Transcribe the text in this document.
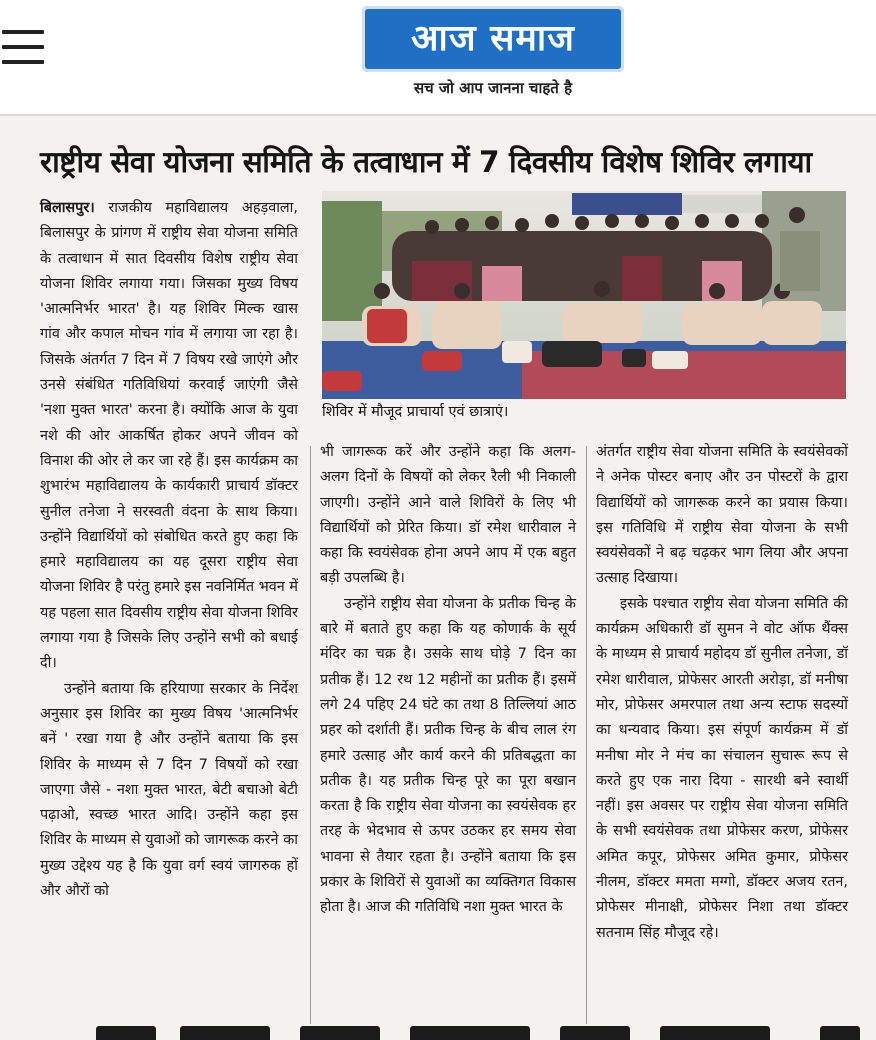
आज समाज
सच जो आप जानना चाहते है
राष्ट्रीय सेवा योजना समिति के तत्वाधान में 7 दिवसीय विशेष शिविर लगाया

बिलासपुर। राजकीय महाविद्यालय अहड़वाला, बिलासपुर के प्रांगण में राष्ट्रीय सेवा योजना समिति के तत्वाधान में सात दिवसीय विशेष राष्ट्रीय सेवा योजना शिविर लगाया गया। जिसका मुख्य विषय 'आत्मनिर्भर भारत' है। यह शिविर मिल्क खास गांव और कपाल मोचन गांव में लगाया जा रहा है। जिसके अंतर्गत 7 दिन में 7 विषय रखे जाएंगे और उनसे संबंधित गतिविधियां करवाई जाएंगी जैसे 'नशा मुक्त भारत' करना है। क्योंकि आज के युवा नशे की ओर आकर्षित होकर अपने जीवन को विनाश की ओर ले कर जा रहे हैं। इस कार्यक्रम का शुभारंभ महाविद्यालय के कार्यकारी प्राचार्य डॉक्टर सुनील तनेजा ने सरस्वती वंदना के साथ किया। उन्होंने विद्यार्थियों को संबोधित करते हुए कहा कि हमारे महाविद्यालय का यह दूसरा राष्ट्रीय सेवा योजना शिविर है परंतु हमारे इस नवनिर्मित भवन में यह पहला सात दिवसीय राष्ट्रीय सेवा योजना शिविर लगाया गया है जिसके लिए उन्होंने सभी को बधाई दी।

उन्होंने बताया कि हरियाणा सरकार के निर्देश अनुसार इस शिविर का मुख्य विषय 'आत्मनिर्भर बनें ' रखा गया है और उन्होंने बताया कि इस शिविर के माध्यम से 7 दिन 7 विषयों को रखा जाएगा जैसे - नशा मुक्त भारत, बेटी बचाओ बेटी पढ़ाओ, स्वच्छ भारत आदि। उन्होंने कहा इस शिविर के माध्यम से युवाओं को जागरूक करने का मुख्य उद्देश्य यह है कि युवा वर्ग स्वयं जागरुक हों और औरों को

शिविर में मौजूद प्राचार्या एवं छात्राएं।

भी जागरूक करें और उन्होंने कहा कि अलग-अलग दिनों के विषयों को लेकर रैली भी निकाली जाएगी। उन्होंने आने वाले शिविरों के लिए भी विद्यार्थियों को प्रेरित किया। डॉ रमेश धारीवाल ने कहा कि स्वयंसेवक होना अपने आप में एक बहुत बड़ी उपलब्धि है।

उन्होंने राष्ट्रीय सेवा योजना के प्रतीक चिन्ह के बारे में बताते हुए कहा कि यह कोणार्क के सूर्य मंदिर का चक्र है। उसके साथ घोड़े 7 दिन का प्रतीक हैं। 12 रथ 12 महीनों का प्रतीक हैं। इसमें लगे 24 पहिए 24 घंटे का तथा 8 तिल्लियां आठ प्रहर को दर्शाती हैं। प्रतीक चिन्ह के बीच लाल रंग हमारे उत्साह और कार्य करने की प्रतिबद्धता का प्रतीक है। यह प्रतीक चिन्ह पूरे का पूरा बखान करता है कि राष्ट्रीय सेवा योजना का स्वयंसेवक हर तरह के भेदभाव से ऊपर उठकर हर समय सेवा भावना से तैयार रहता है। उन्होंने बताया कि इस प्रकार के शिविरों से युवाओं का व्यक्तिगत विकास होता है। आज की गतिविधि नशा मुक्त भारत के

अंतर्गत राष्ट्रीय सेवा योजना समिति के स्वयंसेवकों ने अनेक पोस्टर बनाए और उन पोस्टरों के द्वारा विद्यार्थियों को जागरूक करने का प्रयास किया। इस गतिविधि में राष्ट्रीय सेवा योजना के सभी स्वयंसेवकों ने बढ़ चढ़कर भाग लिया और अपना उत्साह दिखाया।

इसके पश्चात राष्ट्रीय सेवा योजना समिति की कार्यक्रम अधिकारी डॉ सुमन ने वोट ऑफ थैंक्स के माध्यम से प्राचार्य महोदय डॉ सुनील तनेजा, डॉ रमेश धारीवाल, प्रोफेसर आरती अरोड़ा, डॉ मनीषा मोर, प्रोफेसर अमरपाल तथा अन्य स्टाफ सदस्यों का धन्यवाद किया। इस संपूर्ण कार्यक्रम में डॉ मनीषा मोर ने मंच का संचालन सुचारू रूप से करते हुए एक नारा दिया - सारथी बने स्वार्थी नहीं। इस अवसर पर राष्ट्रीय सेवा योजना समिति के सभी स्वयंसेवक तथा प्रोफेसर करण, प्रोफेसर अमित कपूर, प्रोफेसर अमित कुमार, प्रोफेसर नीलम, डॉक्टर ममता मग्गो, डॉक्टर अजय रतन, प्रोफेसर मीनाक्षी, प्रोफेसर निशा तथा डॉक्टर सतनाम सिंह मौजूद रहे।
